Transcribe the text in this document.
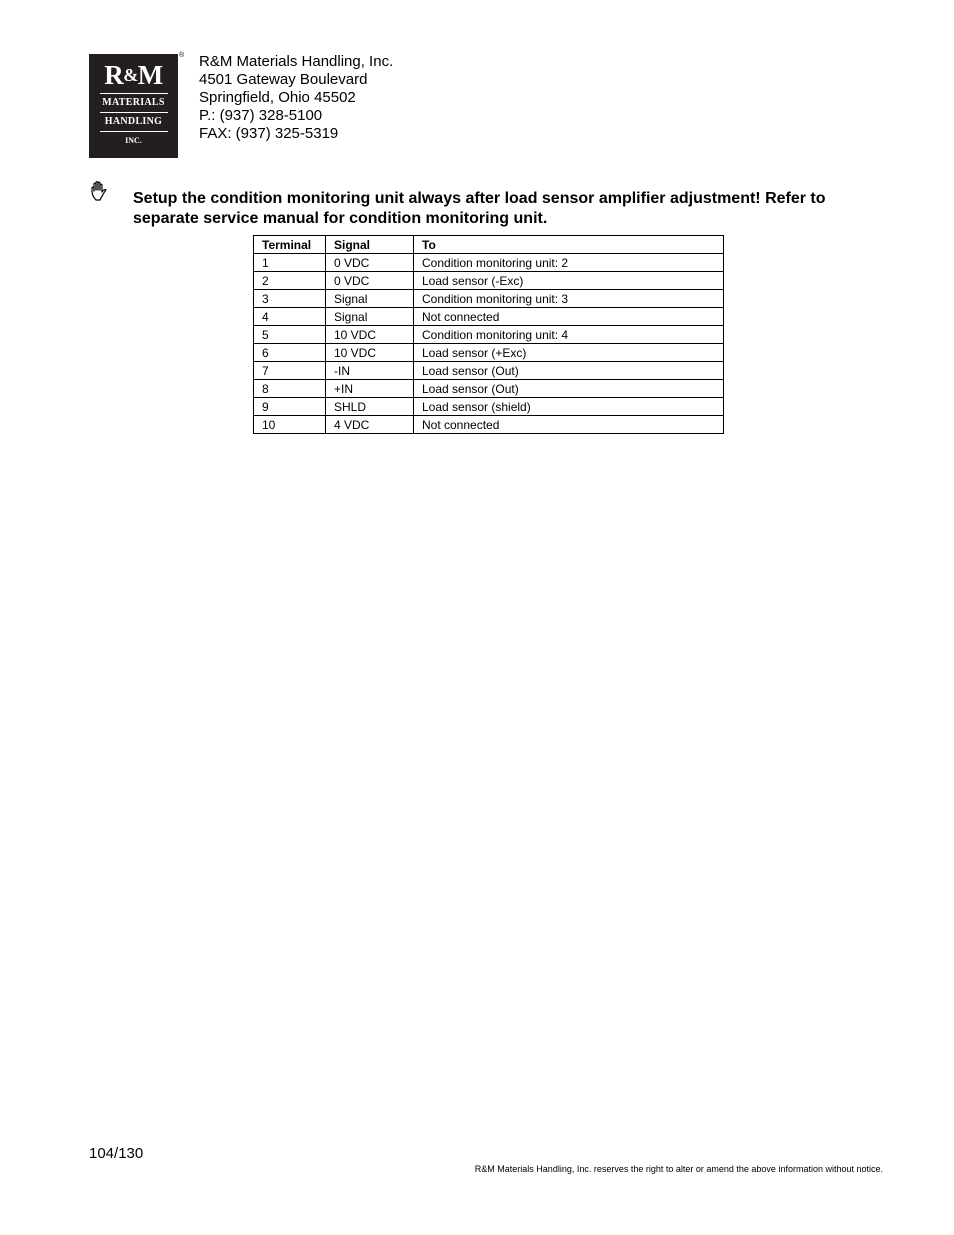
R&M
MATERIALS
HANDLING
INC.
® R&M Materials Handling, Inc.
4501 Gateway Boulevard
Springfield, Ohio 45502
P.: (937) 328-5100
FAX: (937) 325-5319
Setup the condition monitoring unit always after load sensor amplifier adjustment! Refer to separate service manual for condition monitoring unit.
Terminal	Signal	To
1	0 VDC	Condition monitoring unit: 2
2	0 VDC	Load sensor (-Exc)
3	Signal	Condition monitoring unit: 3
4	Signal	Not connected
5	10 VDC	Condition monitoring unit: 4
6	10 VDC	Load sensor (+Exc)
7	-IN	Load sensor (Out)
8	+IN	Load sensor (Out)
9	SHLD	Load sensor (shield)
10	4 VDC	Not connected
104/130
R&M Materials Handling, Inc. reserves the right to alter or amend the above information without notice.
